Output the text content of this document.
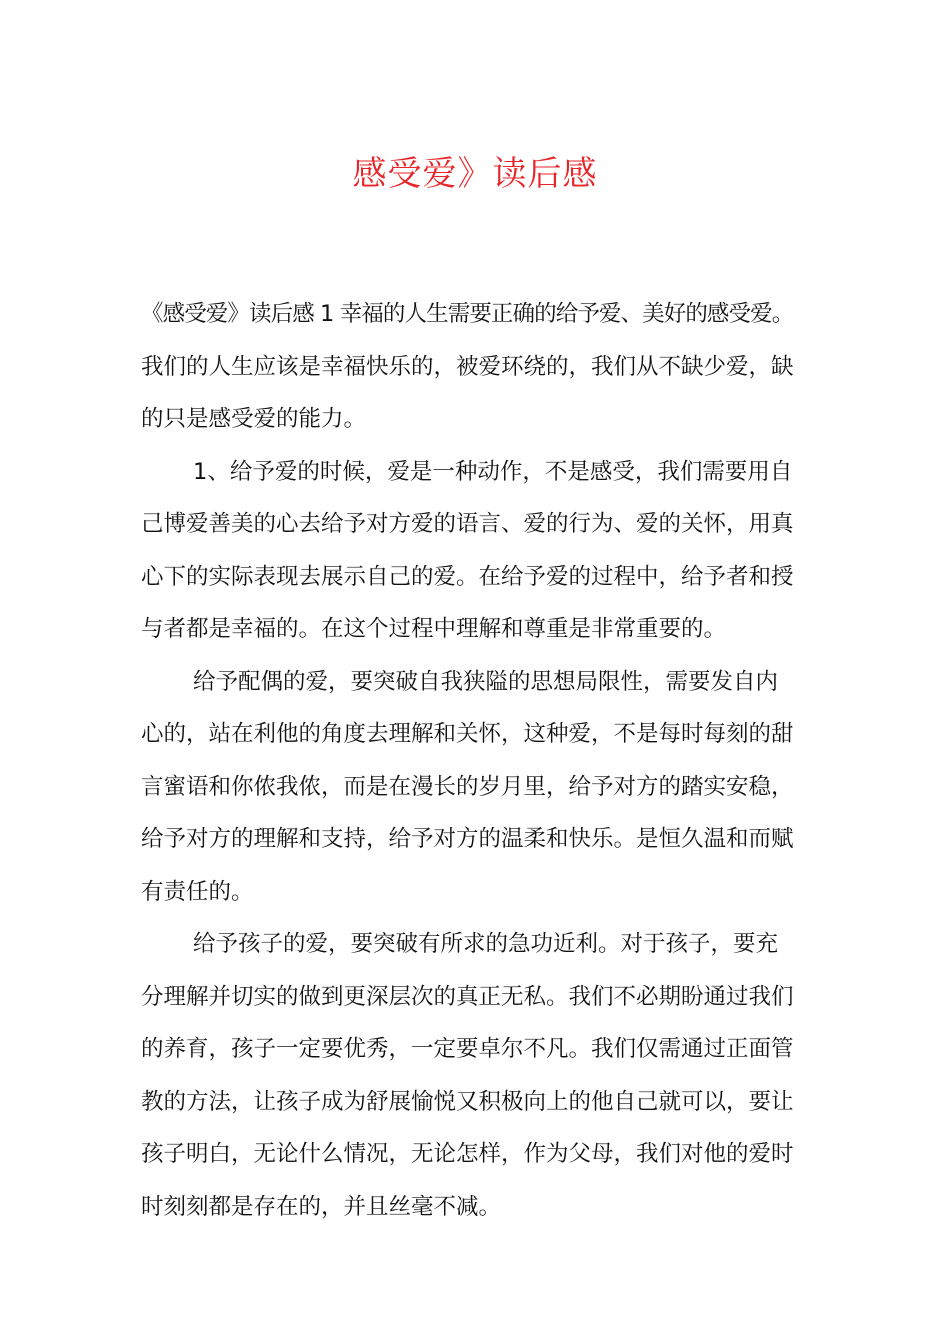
感受爱》读后感
《感受爱》读后感 1 幸福的人生需要正确的给予爱、美好的感受爱。
我们的人生应该是幸福快乐的，被爱环绕的，我们从不缺少爱，缺
的只是感受爱的能力。
1、给予爱的时候，爱是一种动作，不是感受，我们需要用自
己博爱善美的心去给予对方爱的语言、爱的行为、爱的关怀，用真
心下的实际表现去展示自己的爱。在给予爱的过程中，给予者和授
与者都是幸福的。在这个过程中理解和尊重是非常重要的。
给予配偶的爱，要突破自我狭隘的思想局限性，需要发自内
心的，站在利他的角度去理解和关怀，这种爱，不是每时每刻的甜
言蜜语和你侬我侬，而是在漫长的岁月里，给予对方的踏实安稳，
给予对方的理解和支持，给予对方的温柔和快乐。是恒久温和而赋
有责任的。
给予孩子的爱，要突破有所求的急功近利。对于孩子，要充
分理解并切实的做到更深层次的真正无私。我们不必期盼通过我们
的养育，孩子一定要优秀，一定要卓尔不凡。我们仅需通过正面管
教的方法，让孩子成为舒展愉悦又积极向上的他自己就可以，要让
孩子明白，无论什么情况，无论怎样，作为父母，我们对他的爱时
时刻刻都是存在的，并且丝毫不减。
